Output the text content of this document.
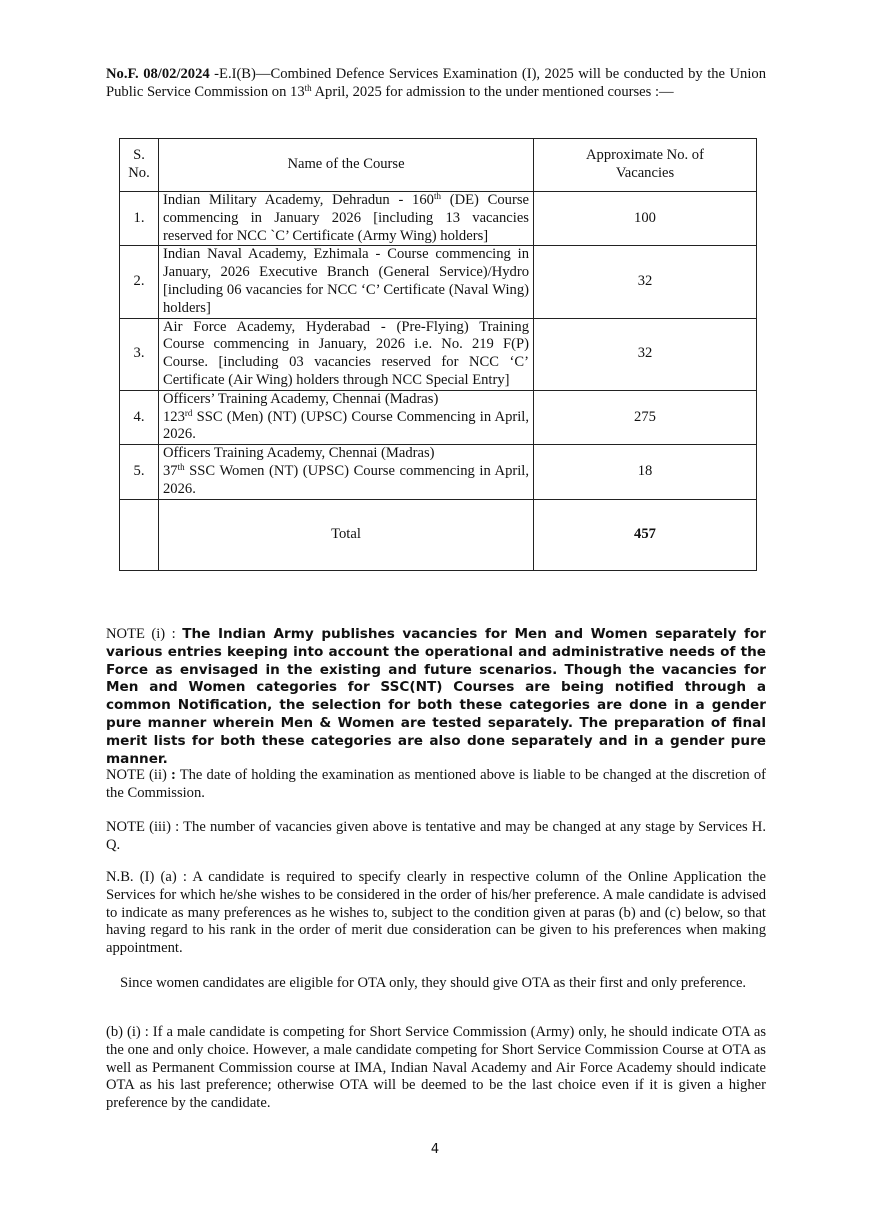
No.F. 08/02/2024 -E.I(B)—Combined Defence Services Examination (I), 2025 will be conducted by the Union Public Service Commission on 13th April, 2025 for admission to the under mentioned courses :—

S. No.	Name of the Course	Approximate No. of Vacancies

1.	Indian Military Academy, Dehradun - 160th (DE) Course commencing in January 2026 [including 13 vacancies reserved for NCC `C’ Certificate (Army Wing) holders]	100
2.	Indian Naval Academy, Ezhimala - Course commencing in January, 2026 Executive Branch (General Service)/Hydro [including 06 vacancies for NCC ‘C’ Certificate (Naval Wing) holders]	32
3.	Air Force Academy, Hyderabad - (Pre-Flying) Training Course commencing in January, 2026 i.e. No. 219 F(P) Course. [including 03 vacancies reserved for NCC ‘C’ Certificate (Air Wing) holders through NCC Special Entry]	32
4.	Officers’ Training Academy, Chennai (Madras)
123rd SSC (Men) (NT) (UPSC) Course Commencing in April, 2026.	275
5.	Officers Training Academy, Chennai (Madras)
37th SSC Women (NT) (UPSC) Course commencing in April, 2026.	18
	Total	457

NOTE (i) : The Indian Army publishes vacancies for Men and Women separately for various entries keeping into account the operational and administrative needs of the Force as envisaged in the existing and future scenarios. Though the vacancies for Men and Women categories for SSC(NT) Courses are being notified through a common Notification, the selection for both these categories are done in a gender pure manner wherein Men & Women are tested separately. The preparation of final merit lists for both these categories are also done separately and in a gender pure manner.

NOTE (ii) : The date of holding the examination as mentioned above is liable to be changed at the discretion of the Commission.

NOTE (iii) : The number of vacancies given above is tentative and may be changed at any stage by Services H. Q.

N.B. (I) (a) : A candidate is required to specify clearly in respective column of the Online Application the Services for which he/she wishes to be considered in the order of his/her preference. A male candidate is advised to indicate as many preferences as he wishes to, subject to the condition given at paras (b) and (c) below, so that having regard to his rank in the order of merit due consideration can be given to his preferences when making appointment.

Since women candidates are eligible for OTA only, they should give OTA as their first and only preference.

(b) (i) : If a male candidate is competing for Short Service Commission (Army) only, he should indicate OTA as the one and only choice. However, a male candidate competing for Short Service Commission Course at OTA as well as Permanent Commission course at IMA, Indian Naval Academy and Air Force Academy should indicate OTA as his last preference; otherwise OTA will be deemed to be the last choice even if it is given a higher preference by the candidate.

4
